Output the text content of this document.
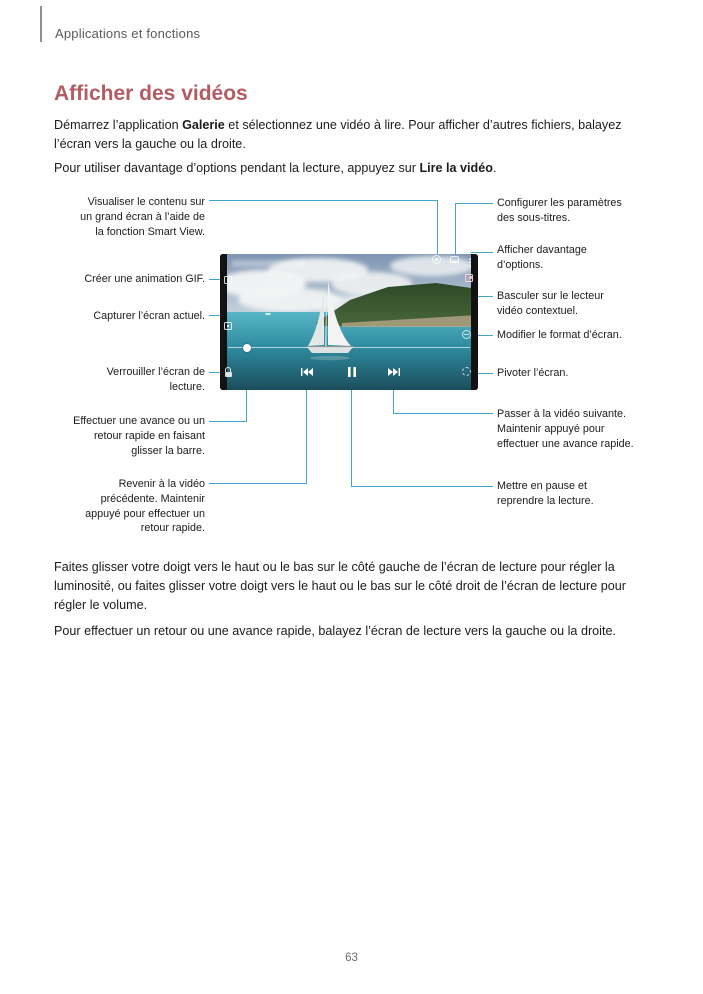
Applications et fonctions
Afficher des vidéos
Démarrez l’application Galerie et sélectionnez une vidéo à lire. Pour afficher d’autres fichiers, balayez l’écran vers la gauche ou la droite.
Pour utiliser davantage d’options pendant la lecture, appuyez sur Lire la vidéo.
Visualiser le contenu sur un grand écran à l’aide de la fonction Smart View.
Créer une animation GIF.
Capturer l’écran actuel.
Verrouiller l’écran de lecture.
Effectuer une avance ou un retour rapide en faisant glisser la barre.
Revenir à la vidéo précédente. Maintenir appuyé pour effectuer un retour rapide.
Configurer les paramètres des sous-titres.
Afficher davantage d’options.
Basculer sur le lecteur vidéo contextuel.
Modifier le format d’écran.
Pivoter l’écran.
Passer à la vidéo suivante. Maintenir appuyé pour effectuer une avance rapide.
Mettre en pause et reprendre la lecture.
Faites glisser votre doigt vers le haut ou le bas sur le côté gauche de l’écran de lecture pour régler la luminosité, ou faites glisser votre doigt vers le haut ou le bas sur le côté droit de l’écran de lecture pour régler le volume.
Pour effectuer un retour ou une avance rapide, balayez l’écran de lecture vers la gauche ou la droite.
63
